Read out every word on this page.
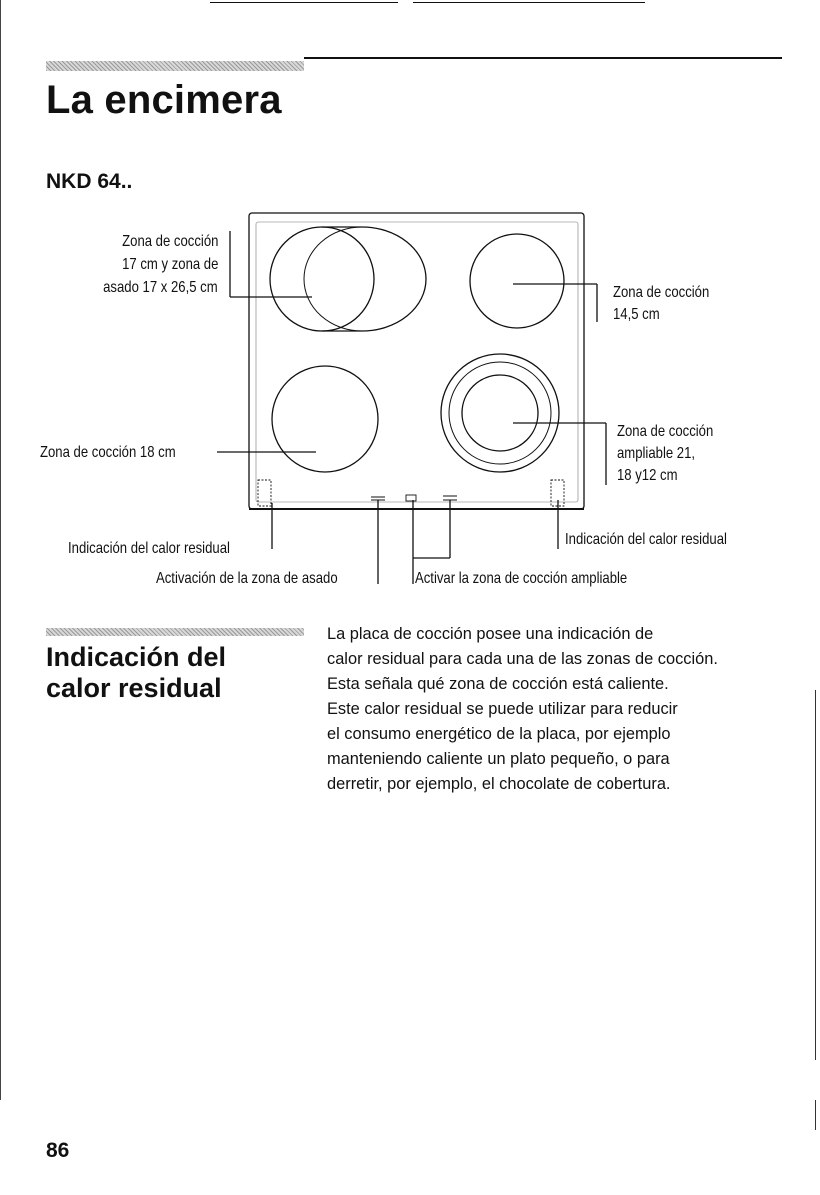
La encimera
NKD 64..
Zona de cocción
17 cm y zona de
asado 17 x 26,5 cm	Zona de cocción
14,5 cm
Zona de cocción 18 cm
Zona de cocción
ampliable 21,
18 y12 cm
Indicación del calor residual
Indicación del calor residual
Activación de la zona de asado	Activar la zona de cocción ampliable
Indicación del
calor residual

La placa de cocción posee una indicación de

calor residual para cada una de las zonas de cocción.

Esta señala qué zona de cocción está caliente.

Este calor residual se puede utilizar para reducir

el consumo energético de la placa, por ejemplo

manteniendo caliente un plato pequeño, o para

derretir, por ejemplo, el chocolate de cobertura.

86
